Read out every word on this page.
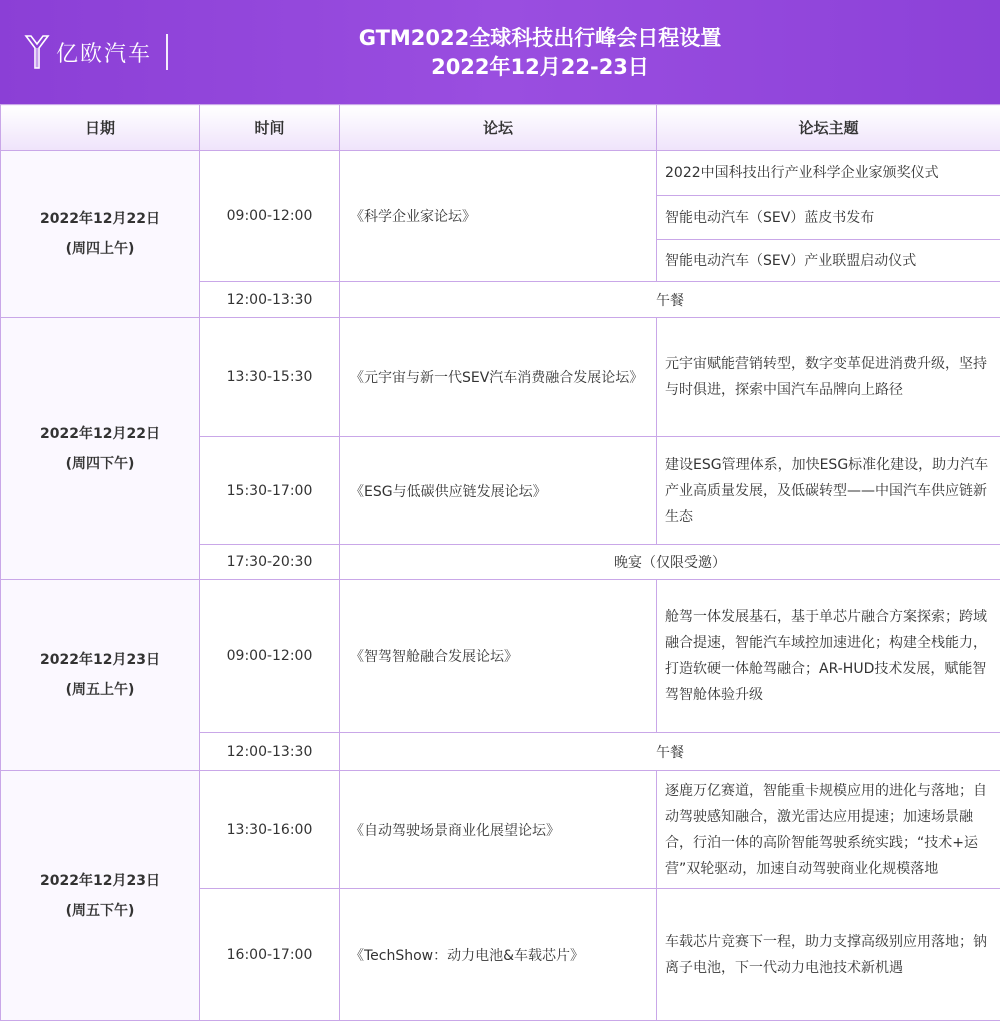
亿欧汽车
GTM2022全球科技出行峰会日程设置
2022年12月22-23日
日期	时间	论坛	论坛主题

2022年12月22日
(周四上午)	09:00-12:00	《科学企业家论坛》	2022中国科技出行产业科学企业家颁奖仪式
			智能电动汽车（SEV）蓝皮书发布
			智能电动汽车（SEV）产业联盟启动仪式
	12:00-13:30	午餐	

2022年12月22日
(周四下午)	13:30-15:30	《元宇宙与新一代SEV汽车消费融合发展论坛》	元宇宙赋能营销转型，数字变革促进消费升级，坚持与时俱进，探索中国汽车品牌向上路径
	15:30-17:00	《ESG与低碳供应链发展论坛》	建设ESG管理体系，加快ESG标准化建设，助力汽车产业高质量发展，及低碳转型——中国汽车供应链新生态
	17:30-20:30	晚宴（仅限受邀）	

2022年12月23日
(周五上午)	09:00-12:00	《智驾智舱融合发展论坛》	舱驾一体发展基石，基于单芯片融合方案探索；跨域融合提速，智能汽车域控加速进化；构建全栈能力，打造软硬一体舱驾融合；AR-HUD技术发展，赋能智驾智舱体验升级
	12:00-13:30	午餐	

2022年12月23日
(周五下午)	13:30-16:00	《自动驾驶场景商业化展望论坛》	逐鹿万亿赛道，智能重卡规模应用的进化与落地；自动驾驶感知融合，激光雷达应用提速；加速场景融合，行泊一体的高阶智能驾驶系统实践；“技术+运营”双轮驱动，加速自动驾驶商业化规模落地
	16:00-17:00	《TechShow：动力电池&车载芯片》	车载芯片竞赛下一程，助力支撑高级别应用落地；钠离子电池，下一代动力电池技术新机遇
